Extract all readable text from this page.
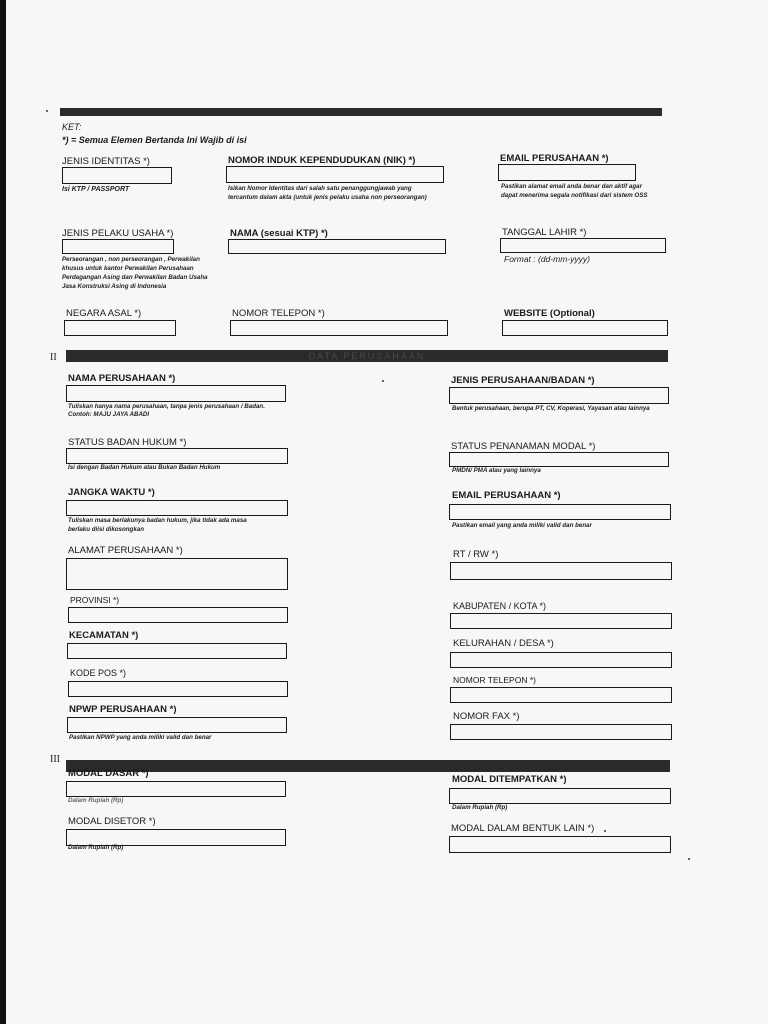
KET:
*) = Semua Elemen Bertanda Ini Wajib di isi
JENIS IDENTITAS *)
Isi KTP / PASSPORT
NOMOR INDUK KEPENDUDUKAN (NIK) *)
Isikan Nomor Identitas dari salah satu penanggungjawab yang
tercantum dalam akta (untuk jenis pelaku usaha non perseorangan)
EMAIL PERUSAHAAN *)
Pastikan alamat email anda benar dan aktif agar
dapat menerima segala notifikasi dari sistem OSS
JENIS PELAKU USAHA *)
Perseorangan , non perseorangan , Perwakilan
khusus untuk kantor Perwakilan Perusahaan
Perdagangan Asing dan Perwakilan Badan Usaha
Jasa Konstruksi Asing di Indonesia
NAMA (sesuai KTP) *)	TANGGAL LAHIR *)
Format : (dd-mm-yyyy)
NEGARA ASAL *)	NOMOR TELEPON *)	WEBSITE (Optional)
II	DATA PERUSAHAAN
NAMA PERUSAHAAN *)
Tuliskan hanya nama perusahaan, tanpa jenis perusahaan / Badan.
Contoh: MAJU JAYA ABADI
JENIS PERUSAHAAN/BADAN *)
Bentuk perusahaan, berupa PT, CV, Koperasi, Yayasan atau lainnya
STATUS BADAN HUKUM *)
Isi dengan Badan Hukum atau Bukan Badan Hukum
STATUS PENANAMAN MODAL *)
PMDN/ PMA atau yang lainnya
JANGKA WAKTU *)
Tuliskan masa berlakunya badan hukum, jika tidak ada masa
berlaku diisi dikosongkan
EMAIL PERUSAHAAN *)
Pastikan email yang anda miliki valid dan benar
ALAMAT PERUSAHAAN *)	RT / RW *)
PROVINSI *)
KABUPATEN / KOTA *)
KECAMATAN *)
KELURAHAN / DESA *)
KODE POS *)
NOMOR TELEPON *)
NPWP PERUSAHAAN *)
Pastikan NPWP yang anda miliki valid dan benar
NOMOR FAX *)
III
MODAL DASAR *)
Dalam Rupiah (Rp)
MODAL DITEMPATKAN *)
Dalam Rupiah (Rp)
MODAL DISETOR *)
Dalam Rupiah (Rp)
MODAL DALAM BENTUK LAIN *)
